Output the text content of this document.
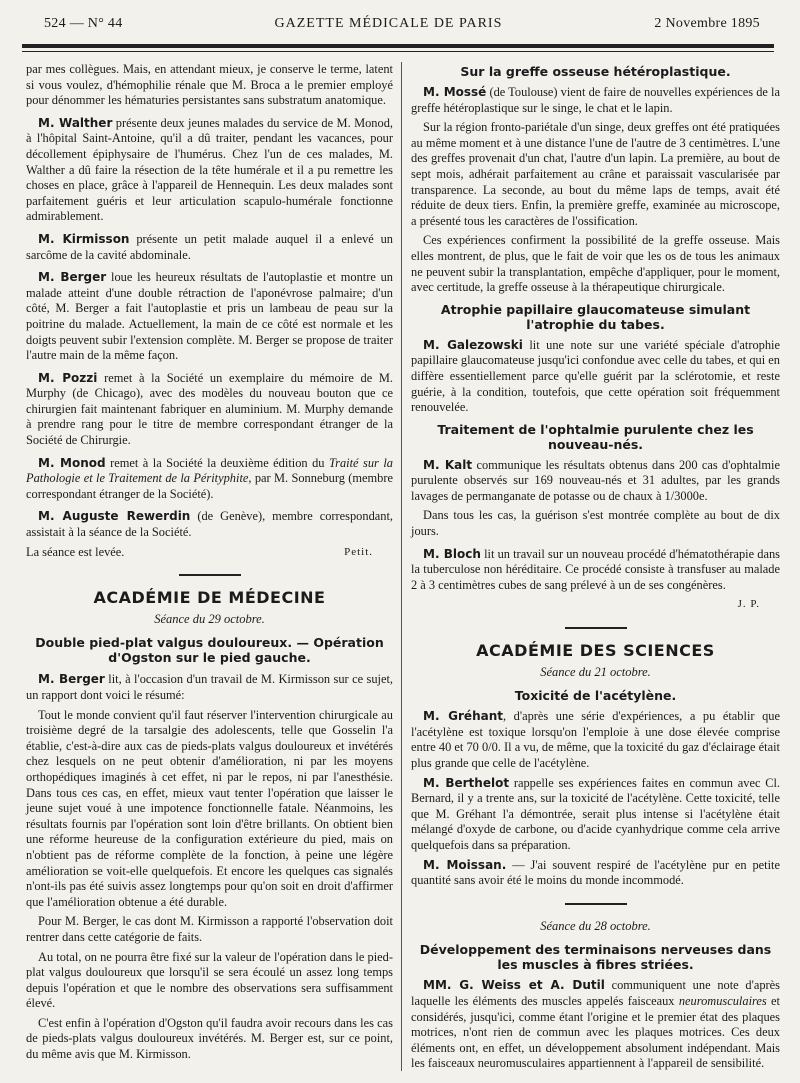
524 — N° 44	GAZETTE MÉDICALE DE PARIS	2 Novembre 1895

par mes collègues. Mais, en attendant mieux, je conserve le terme, latent si vous voulez, d'hémophilie rénale que M. Broca a le premier employé pour dénommer les hématuries persistantes sans substratum anatomique.

M. Walther présente deux jeunes malades du service de M. Monod, à l'hôpital Saint-Antoine, qu'il a dû traiter, pendant les vacances, pour décollement épiphysaire de l'humérus. Chez l'un de ces malades, M. Walther a dû faire la résection de la tête humérale et il a pu remettre les choses en place, grâce à l'appareil de Hennequin. Les deux malades sont parfaitement guéris et leur articulation scapulo-humérale fonctionne admirablement.

M. Kirmisson présente un petit malade auquel il a enlevé un sarcôme de la cavité abdominale.

M. Berger loue les heureux résultats de l'autoplastie et montre un malade atteint d'une double rétraction de l'aponévrose palmaire; d'un côté, M. Berger a fait l'autoplastie et pris un lambeau de peau sur la poitrine du malade. Actuellement, la main de ce côté est normale et les doigts peuvent subir l'extension complète. M. Berger se propose de traiter l'autre main de la même façon.

M. Pozzi remet à la Société un exemplaire du mémoire de M. Murphy (de Chicago), avec des modèles du nouveau bouton que ce chirurgien fait maintenant fabriquer en aluminium. M. Murphy demande à prendre rang pour le titre de membre correspondant étranger de la Société de Chirurgie.

M. Monod remet à la Société la deuxième édition du Traité sur la Pathologie et le Traitement de la Pérityphite, par M. Sonneburg (membre correspondant étranger de la Société).

M. Auguste Rewerdin (de Genève), membre correspondant, assistait à la séance de la Société.

La séance est levée.	Petit.
ACADÉMIE DE MÉDECINE
Séance du 29 octobre.
Double pied-plat valgus douloureux. — Opération d'Ogston sur le pied gauche.

M. Berger lit, à l'occasion d'un travail de M. Kirmisson sur ce sujet, un rapport dont voici le résumé:

Tout le monde convient qu'il faut réserver l'intervention chirurgicale au troisième degré de la tarsalgie des adolescents, telle que Gosselin l'a établie, c'est-à-dire aux cas de pieds-plats valgus douloureux et invétérés chez lesquels on ne peut obtenir d'amélioration, ni par les moyens orthopédiques imaginés à cet effet, ni par le repos, ni par l'anesthésie. Dans tous ces cas, en effet, mieux vaut tenter l'opération que laisser le jeune sujet voué à une impotence fonctionnelle fatale. Néanmoins, les résultats fournis par l'opération sont loin d'être brillants. On obtient bien une réforme heureuse de la configuration extérieure du pied, mais on n'obtient pas de réforme complète de la fonction, à peine une légère amélioration se voit-elle quelquefois. Et encore les quelques cas signalés n'ont-ils pas été suivis assez longtemps pour qu'on soit en droit d'affirmer que l'amélioration obtenue a été durable.

Pour M. Berger, le cas dont M. Kirmisson a rapporté l'observation doit rentrer dans cette catégorie de faits.

Au total, on ne pourra être fixé sur la valeur de l'opération dans le pied-plat valgus douloureux que lorsqu'il se sera écoulé un assez long temps depuis l'opération et que le nombre des observations sera suffisamment élevé.

C'est enfin à l'opération d'Ogston qu'il faudra avoir recours dans les cas de pieds-plats valgus douloureux invétérés. M. Berger est, sur ce point, du même avis que M. Kirmisson.

Sur la greffe osseuse hétéroplastique.

M. Mossé (de Toulouse) vient de faire de nouvelles expériences de la greffe hétéroplastique sur le singe, le chat et le lapin.

Sur la région fronto-pariétale d'un singe, deux greffes ont été pratiquées au même moment et à une distance l'une de l'autre de 3 centimètres. L'une des greffes provenait d'un chat, l'autre d'un lapin. La première, au bout de sept mois, adhérait parfaitement au crâne et paraissait vascularisée par transparence. La seconde, au bout du même laps de temps, avait été réduite de deux tiers. Enfin, la première greffe, examinée au microscope, a présenté tous les caractères de l'ossification.

Ces expériences confirment la possibilité de la greffe osseuse. Mais elles montrent, de plus, que le fait de voir que les os de tous les animaux ne peuvent subir la transplantation, empêche d'appliquer, pour le moment, avec certitude, la greffe osseuse à la thérapeutique chirurgicale.

Atrophie papillaire glaucomateuse simulant l'atrophie du tabes.

M. Galezowski lit une note sur une variété spéciale d'atrophie papillaire glaucomateuse jusqu'ici confondue avec celle du tabes, et qui en diffère essentiellement parce qu'elle guérit par la sclérotomie, et reste guérie, à la condition, toutefois, que cette opération soit fréquemment renouvelée.

Traitement de l'ophtalmie purulente chez les nouveau-nés.

M. Kalt communique les résultats obtenus dans 200 cas d'ophtalmie purulente observés sur 169 nouveau-nés et 31 adultes, par les grands lavages de permanganate de potasse ou de chaux à 1/3000e.

Dans tous les cas, la guérison s'est montrée complète au bout de dix jours.

M. Bloch lit un travail sur un nouveau procédé d'hématothérapie dans la tuberculose non héréditaire. Ce procédé consiste à transfuser au malade 2 à 3 centimètres cubes de sang prélevé à un de ses congénères.

J. P.
ACADÉMIE DES SCIENCES
Séance du 21 octobre.
Toxicité de l'acétylène.

M. Gréhant, d'après une série d'expériences, a pu établir que l'acétylène est toxique lorsqu'on l'emploie à une dose élevée comprise entre 40 et 70 0/0. Il a vu, de même, que la toxicité du gaz d'éclairage était plus grande que celle de l'acétylène.

M. Berthelot rappelle ses expériences faites en commun avec Cl. Bernard, il y a trente ans, sur la toxicité de l'acétylène. Cette toxicité, telle que M. Gréhant l'a démontrée, serait plus intense si l'acétylène était mélangé d'oxyde de carbone, ou d'acide cyanhydrique comme cela arrive quelquefois dans sa préparation.

M. Moissan. — J'ai souvent respiré de l'acétylène pur en petite quantité sans avoir été le moins du monde incommodé.

Séance du 28 octobre.
Développement des terminaisons nerveuses dans les muscles à fibres striées.

MM. G. Weiss et A. Dutil communiquent une note d'après laquelle les éléments des muscles appelés faisceaux neuromusculaires et considérés, jusqu'ici, comme étant l'origine et le premier état des plaques motrices, n'ont rien de commun avec les plaques motrices. Ces deux éléments ont, en effet, un développement absolument indépendant. Mais les faisceaux neuromusculaires appartiennent à l'appareil de sensibilité.
